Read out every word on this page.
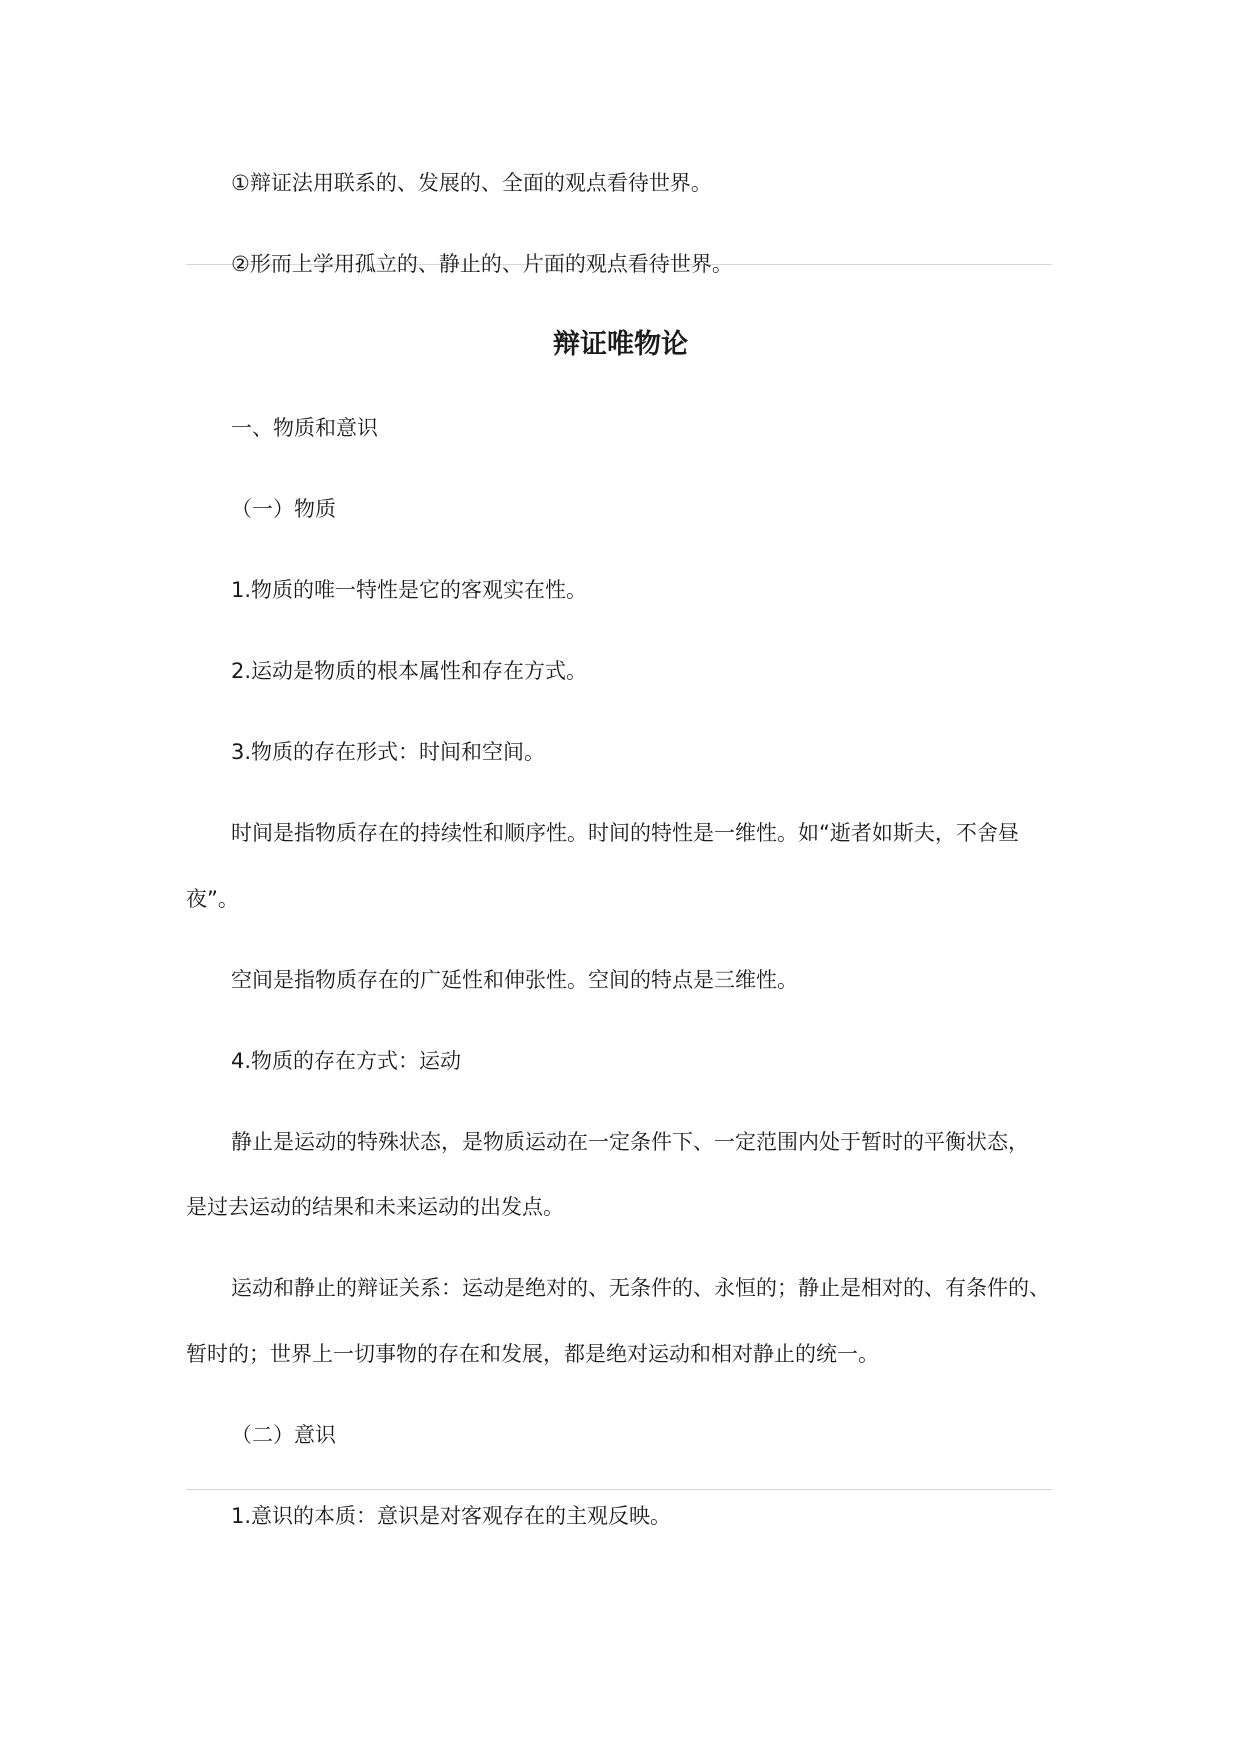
①辩证法用联系的、发展的、全面的观点看待世界。
②形而上学用孤立的、静止的、片面的观点看待世界。
辩证唯物论
一、物质和意识
（一）物质
1.物质的唯一特性是它的客观实在性。
2.运动是物质的根本属性和存在方式。
3.物质的存在形式：时间和空间。
时间是指物质存在的持续性和顺序性。时间的特性是一维性。如“逝者如斯夫，不舍昼
夜”。
空间是指物质存在的广延性和伸张性。空间的特点是三维性。
4.物质的存在方式：运动
静止是运动的特殊状态，是物质运动在一定条件下、一定范围内处于暂时的平衡状态，
是过去运动的结果和未来运动的出发点。
运动和静止的辩证关系：运动是绝对的、无条件的、永恒的；静止是相对的、有条件的、
暂时的；世界上一切事物的存在和发展，都是绝对运动和相对静止的统一。
（二）意识
1.意识的本质：意识是对客观存在的主观反映。
